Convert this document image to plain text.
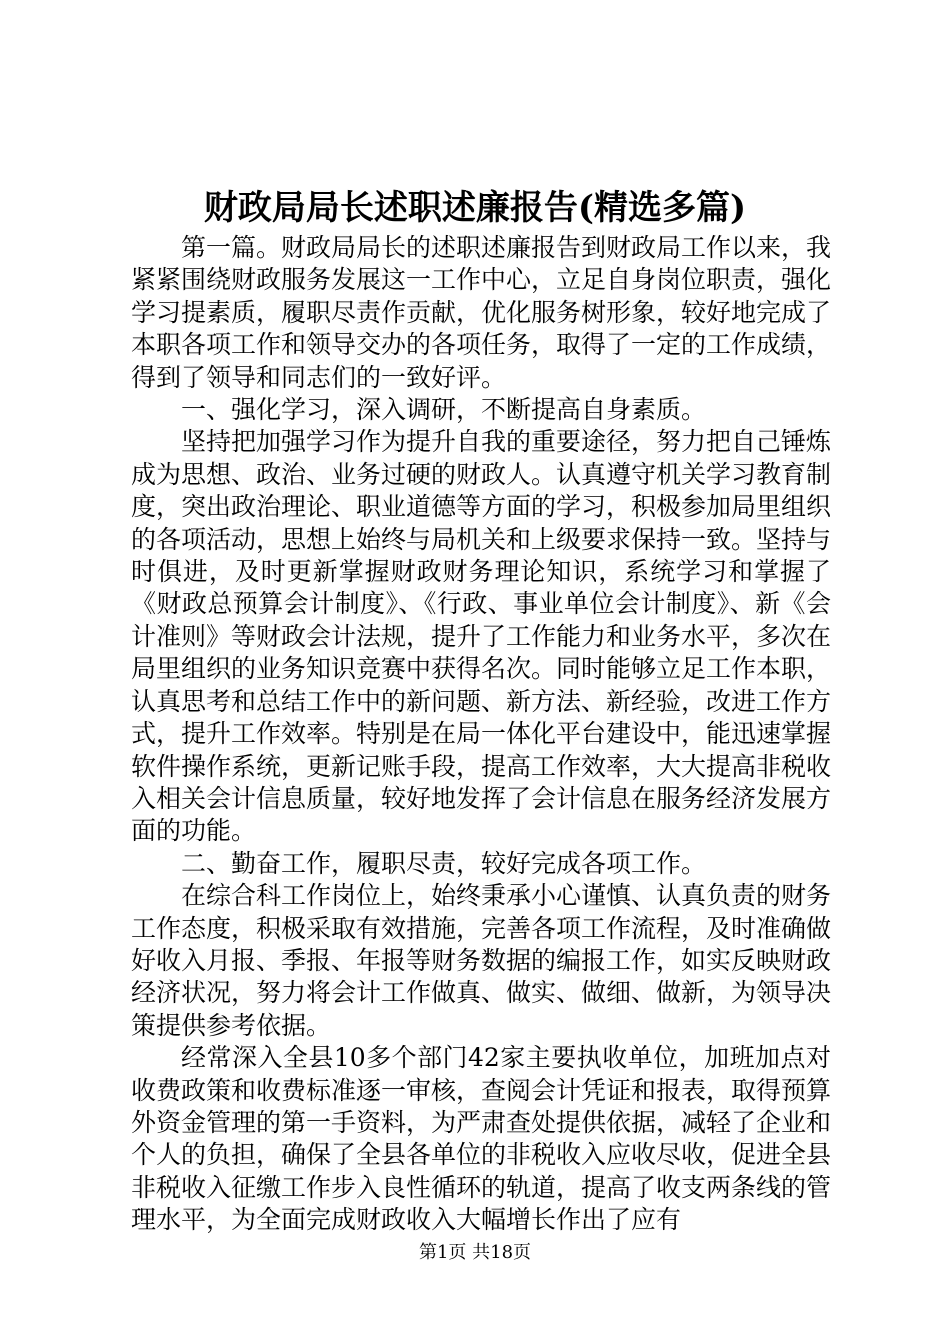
财政局局长述职述廉报告(精选多篇)

第一篇。财政局局长的述职述廉报告到财政局工作以来，我紧紧围绕财政服务发展这一工作中心，立足自身岗位职责，强化学习提素质，履职尽责作贡献，优化服务树形象，较好地完成了本职各项工作和领导交办的各项任务，取得了一定的工作成绩，得到了领导和同志们的一致好评。

一、强化学习，深入调研，不断提高自身素质。

坚持把加强学习作为提升自我的重要途径，努力把自己锤炼成为思想、政治、业务过硬的财政人。认真遵守机关学习教育制度，突出政治理论、职业道德等方面的学习，积极参加局里组织的各项活动，思想上始终与局机关和上级要求保持一致。坚持与时俱进，及时更新掌握财政财务理论知识，系统学习和掌握了《财政总预算会计制度》、《行政、事业单位会计制度》、新《会计准则》等财政会计法规，提升了工作能力和业务水平，多次在局里组织的业务知识竞赛中获得名次。同时能够立足工作本职，认真思考和总结工作中的新问题、新方法、新经验，改进工作方式，提升工作效率。特别是在局一体化平台建设中，能迅速掌握软件操作系统，更新记账手段，提高工作效率，大大提高非税收入相关会计信息质量，较好地发挥了会计信息在服务经济发展方面的功能。

二、勤奋工作，履职尽责，较好完成各项工作。

在综合科工作岗位上，始终秉承小心谨慎、认真负责的财务工作态度，积极采取有效措施，完善各项工作流程，及时准确做好收入月报、季报、年报等财务数据的编报工作，如实反映财政经济状况，努力将会计工作做真、做实、做细、做新，为领导决策提供参考依据。

经常深入全县10多个部门42家主要执收单位，加班加点对收费政策和收费标准逐一审核，查阅会计凭证和报表，取得预算外资金管理的第一手资料，为严肃查处提供依据，减轻了企业和个人的负担，确保了全县各单位的非税收入应收尽收，促进全县非税收入征缴工作步入良性循环的轨道，提高了收支两条线的管理水平，为全面完成财政收入大幅增长作出了应有

第1页 共18页
